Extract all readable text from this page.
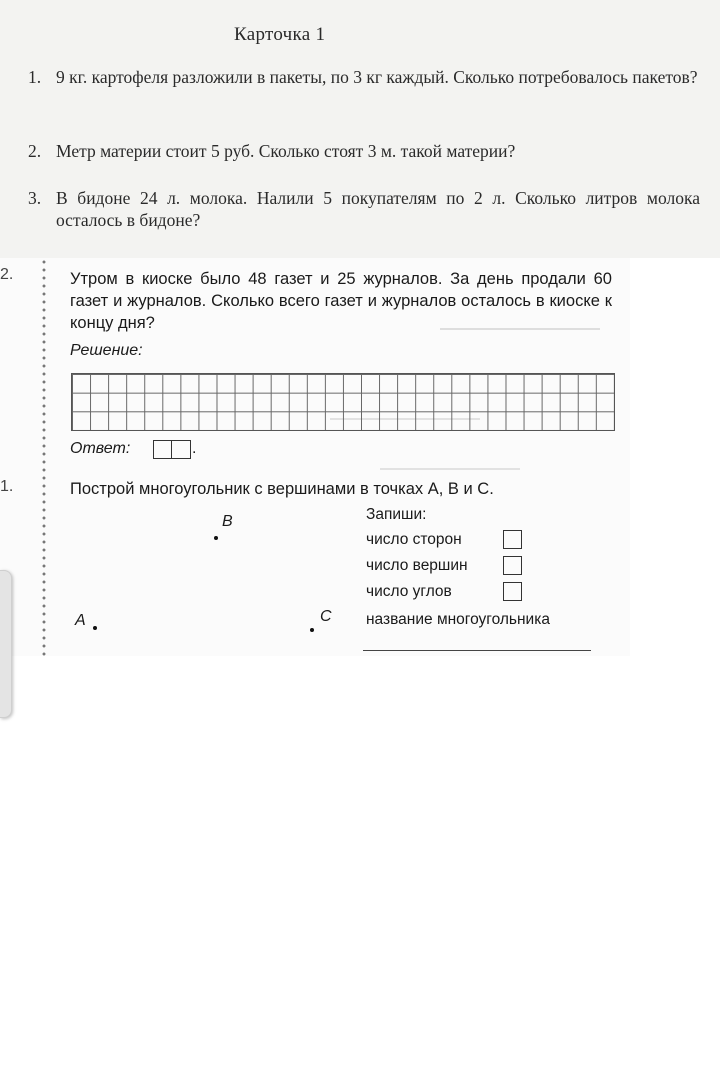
Карточка 1
1. 9 кг. картофеля разложили в пакеты, по 3 кг каждый. Сколько потребовалось пакетов?
2. Метр материи стоит 5 руб. Сколько стоят 3 м. такой материи?
3. В бидоне 24 л. молока. Налили 5 покупателям по 2 л. Сколько литров молока осталось в бидоне?
2.
1.
Утром в киоске было 48 газет и 25 журналов. За день продали 60 газет и журналов. Сколько всего газет и журналов осталось в киоске к концу дня?
Решение:
Ответ:	.
Построй многоугольник с вершинами в точках A, B и C.
B
A	C
Запиши:
число сторон
число вершин
число углов
название многоугольника
